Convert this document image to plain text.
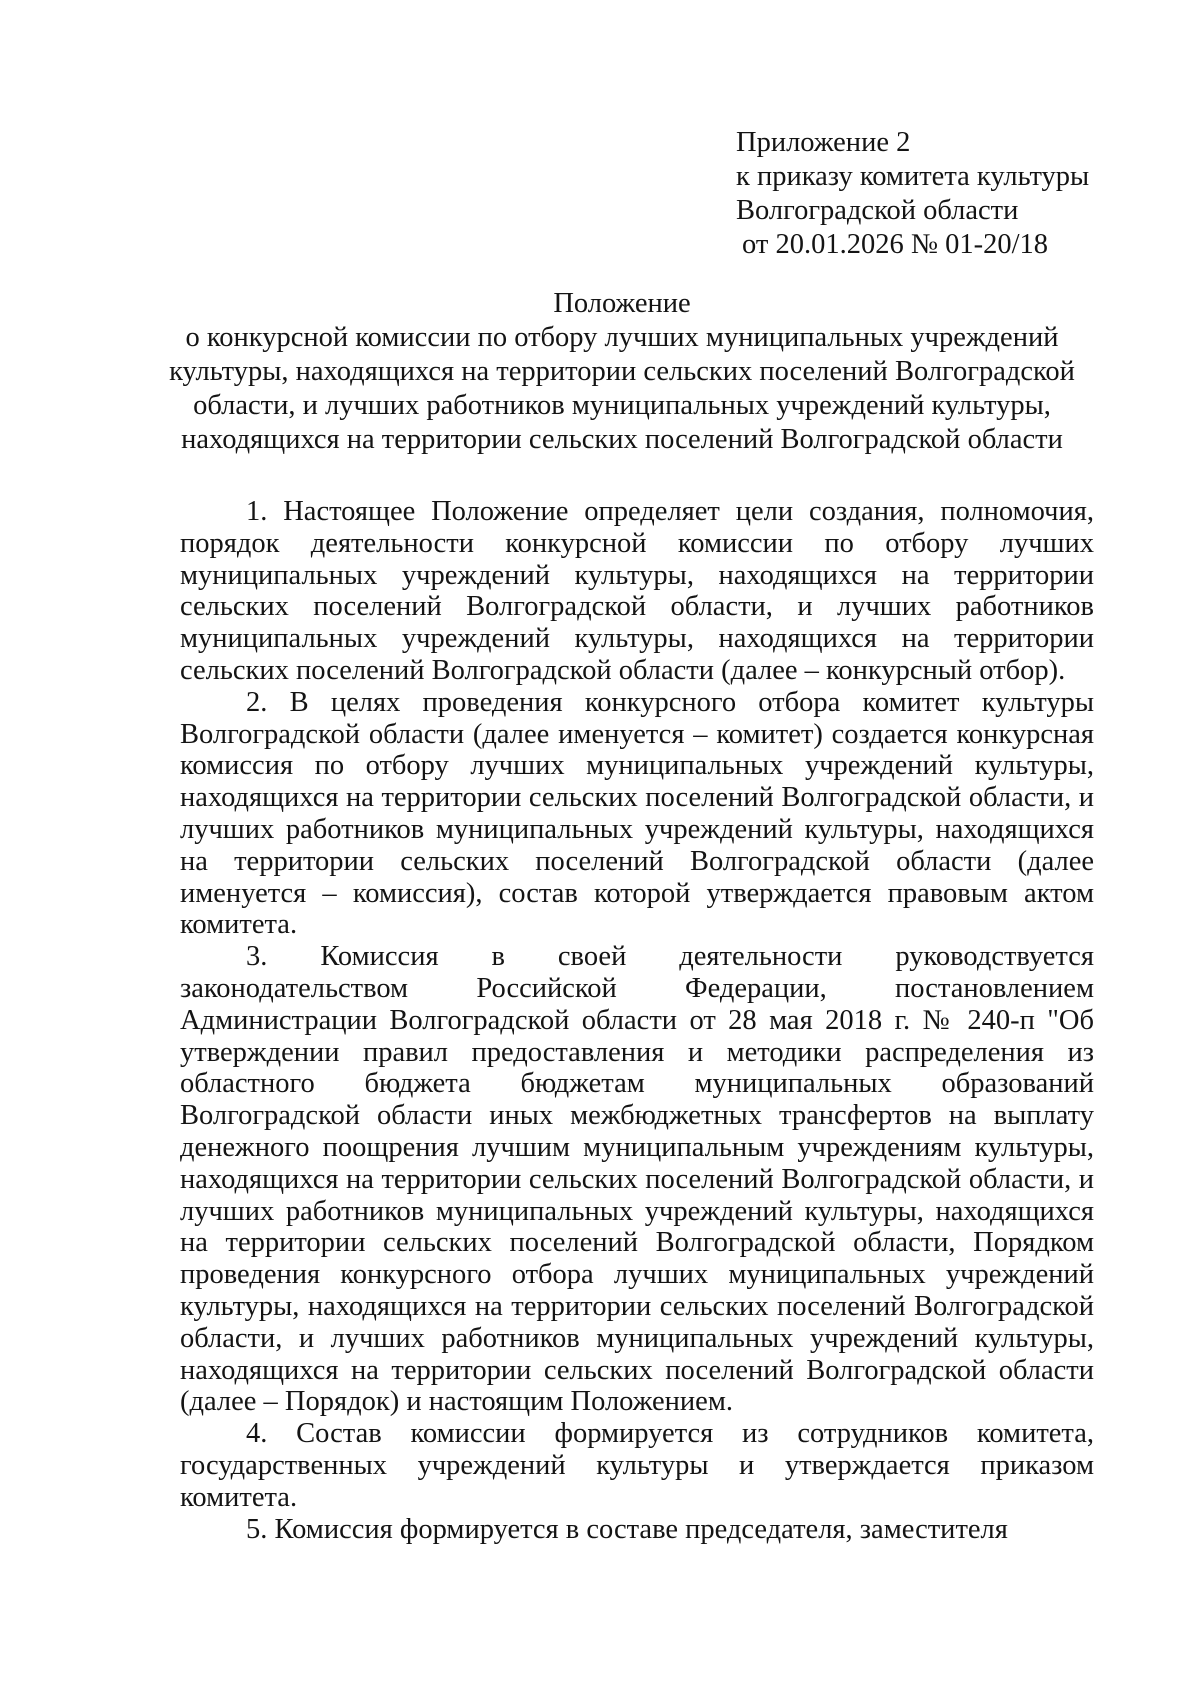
Приложение 2
к приказу комитета культуры
Волгоградской области
от 20.01.2026 № 01-20/18
Положение
о конкурсной комиссии по отбору лучших муниципальных учреждений
культуры, находящихся на территории сельских поселений Волгоградской
области, и лучших работников муниципальных учреждений культуры,
находящихся на территории сельских поселений Волгоградской области

1. Настоящее Положение определяет цели создания, полномочия, порядок деятельности конкурсной комиссии по отбору лучших муниципальных учреждений культуры, находящихся на территории сельских поселений Волгоградской области, и лучших работников муниципальных учреждений культуры, находящихся на территории сельских поселений Волгоградской области (далее – конкурсный отбор).

2. В целях проведения конкурсного отбора комитет культуры Волгоградской области (далее именуется – комитет) создается конкурсная комиссия по отбору лучших муниципальных учреждений культуры, находящихся на территории сельских поселений Волгоградской области, и лучших работников муниципальных учреждений культуры, находящихся на территории сельских поселений Волгоградской области (далее именуется – комиссия), состав которой утверждается правовым актом комитета.

3. Комиссия в своей деятельности руководствуется законодательством Российской Федерации, постановлением Администрации Волгоградской области от 28 мая 2018 г. № 240-п "Об утверждении правил предоставления и методики распределения из областного бюджета бюджетам муниципальных образований Волгоградской области иных межбюджетных трансфертов на выплату денежного поощрения лучшим муниципальным учреждениям культуры, находящихся на территории сельских поселений Волгоградской области, и лучших работников муниципальных учреждений культуры, находящихся на территории сельских поселений Волгоградской области, Порядком проведения конкурсного отбора лучших муниципальных учреждений культуры, находящихся на территории сельских поселений Волгоградской области, и лучших работников муниципальных учреждений культуры, находящихся на территории сельских поселений Волгоградской области (далее – Порядок) и настоящим Положением.

4. Состав комиссии формируется из сотрудников комитета, государственных учреждений культуры и утверждается приказом комитета.

5. Комиссия формируется в составе председателя, заместителя
